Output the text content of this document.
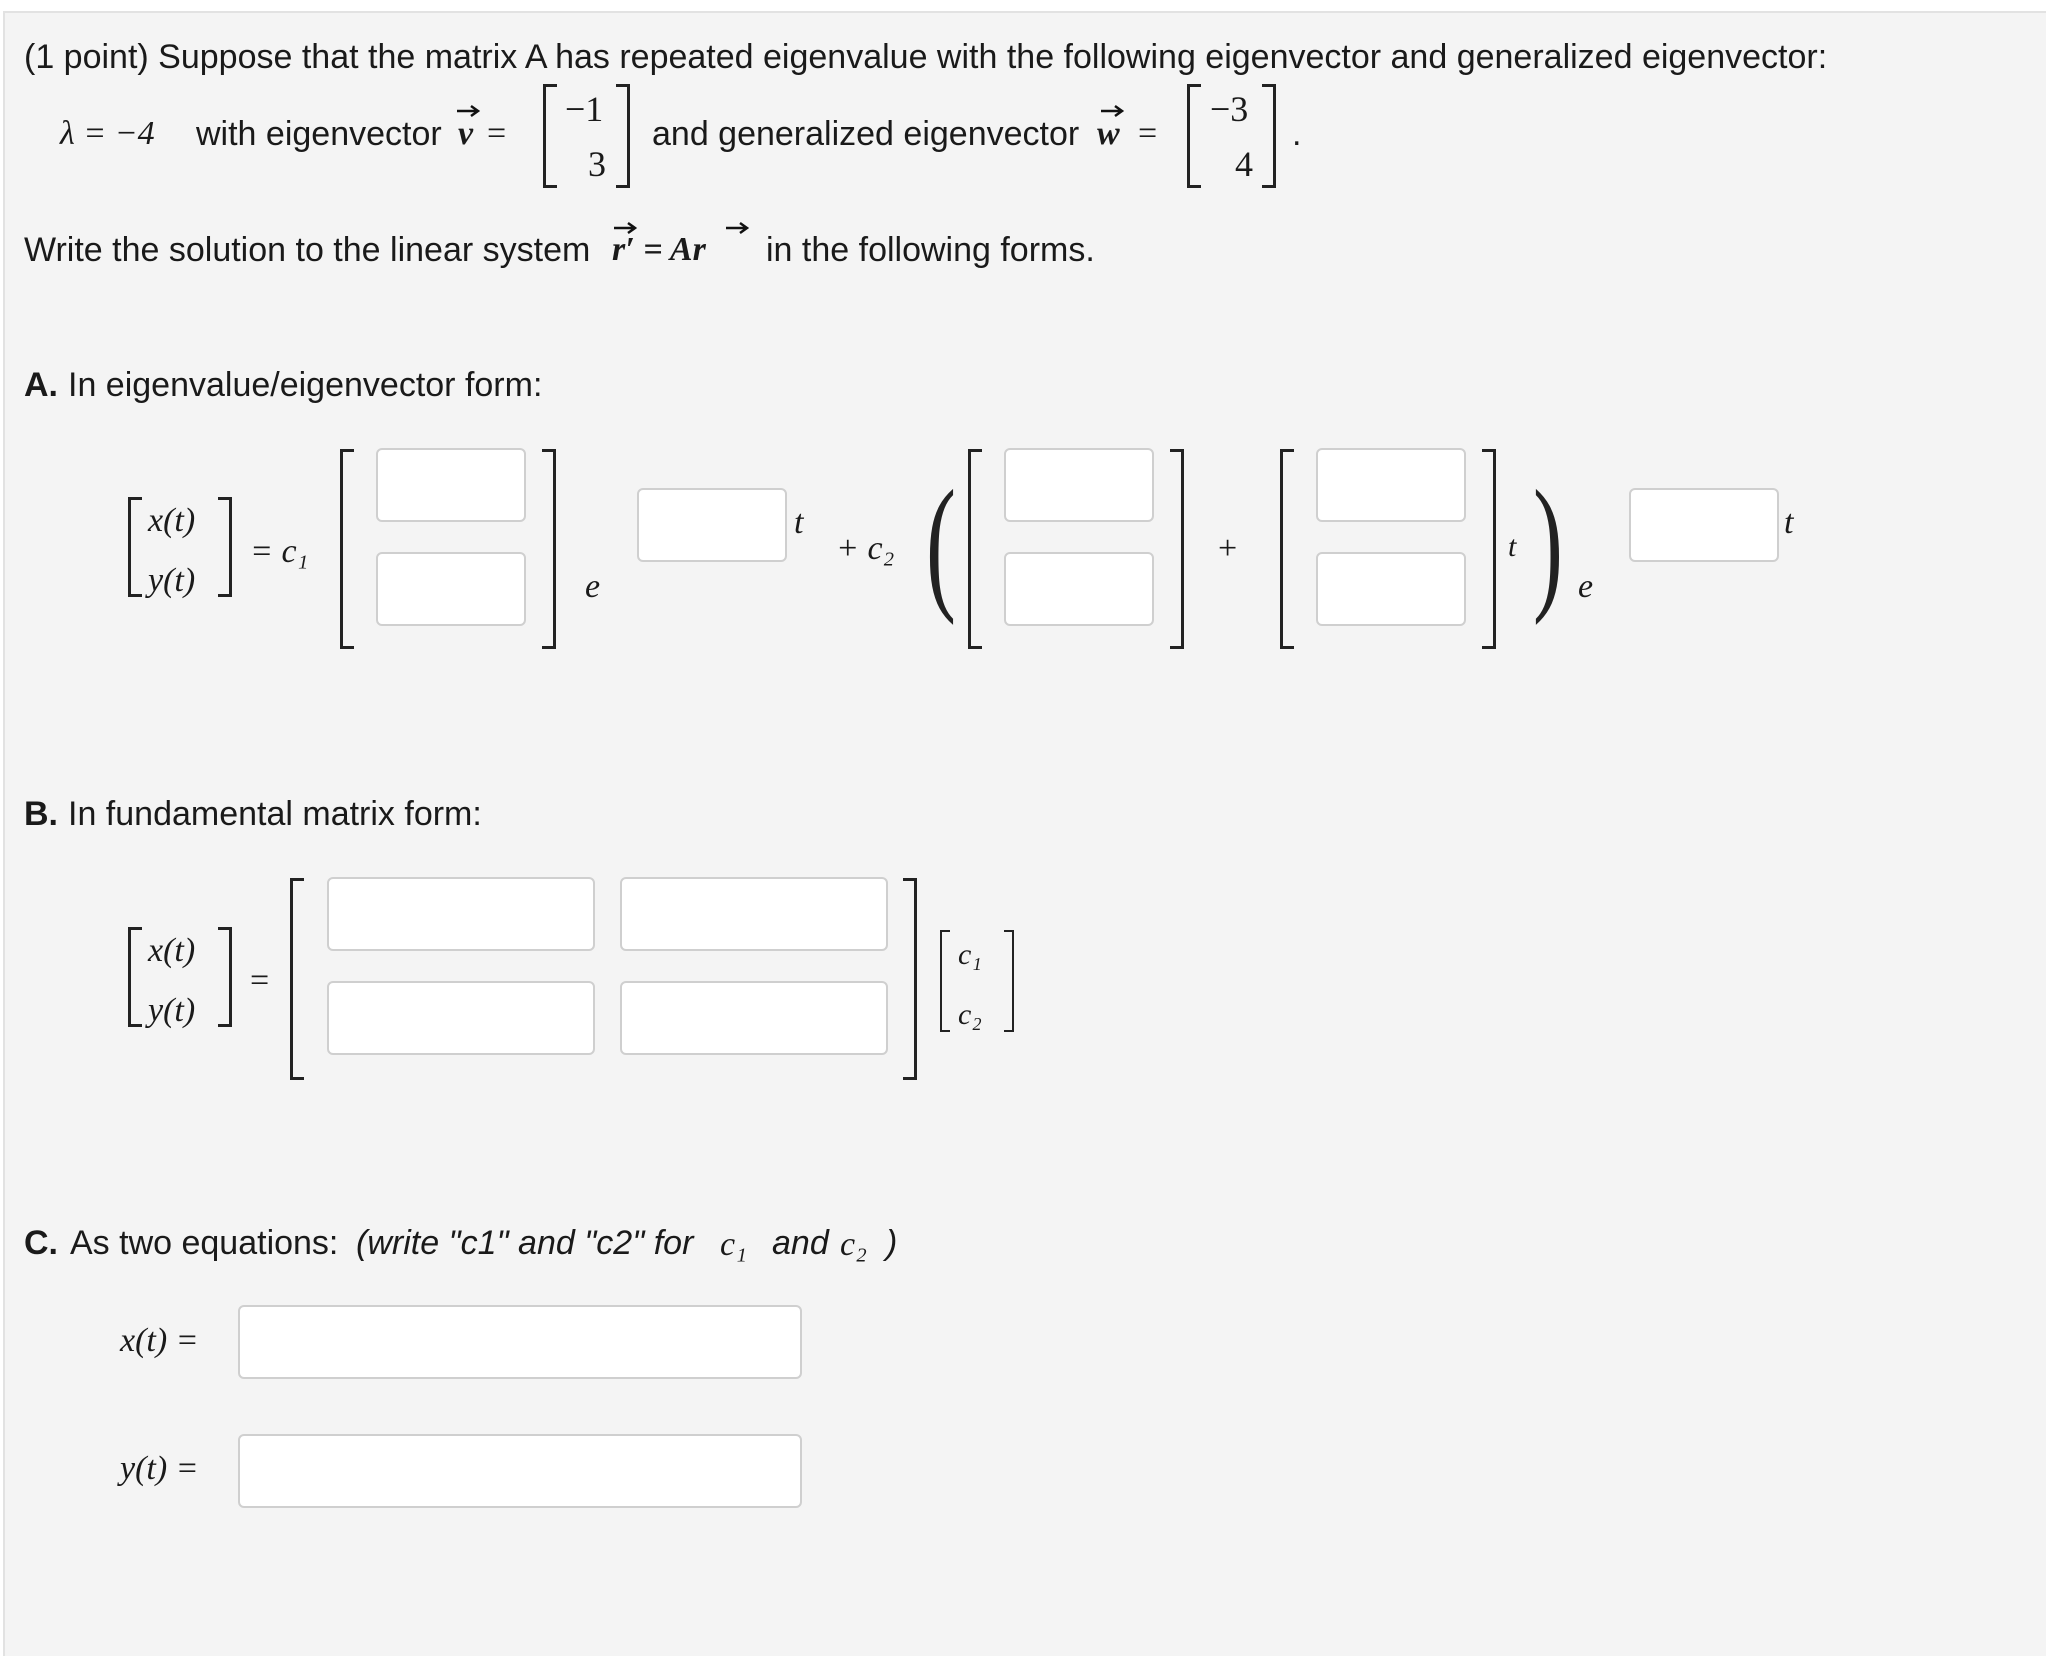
(1 point) Suppose that the matrix A has repeated eigenvalue with the following eigenvector and generalized eigenvector:
λ = −4 with eigenvector v =
−1
3
and generalized eigenvector w =
−3
4
.
Write the solution to the linear system r′ = Ar in the following forms.
A. In eigenvalue/eigenvector form:
x(t)
y(t)
= c₁
e
t
+ c₂ (	+	t ) e
t
B. In fundamental matrix form:
x(t)
y(t)
=
c₁
c₂
C. As two equations: (write "c1" and "c2" for c₁ and c₂ )
x(t) =
y(t) =
